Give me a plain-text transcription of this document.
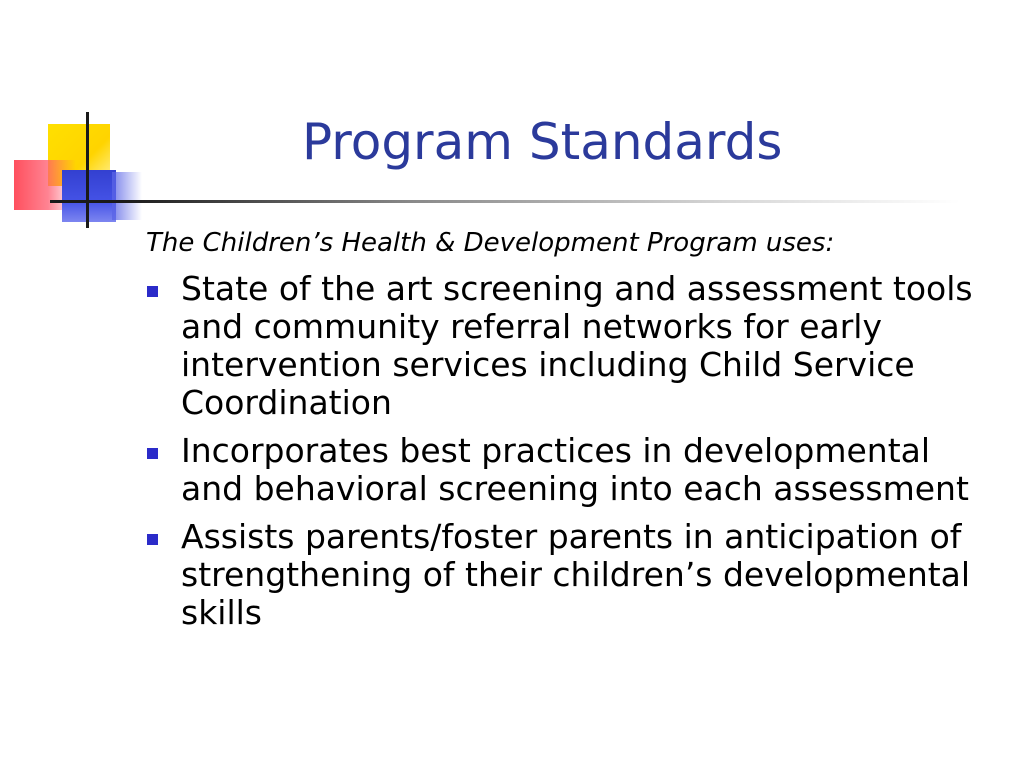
Program Standards

The Children’s Health & Development Program uses:

State of the art screening and assessment tools and community referral networks for early intervention services including Child Service Coordination
Incorporates best practices in developmental and behavioral screening into each assessment
Assists parents/foster parents in anticipation of strengthening of their children’s developmental skills
